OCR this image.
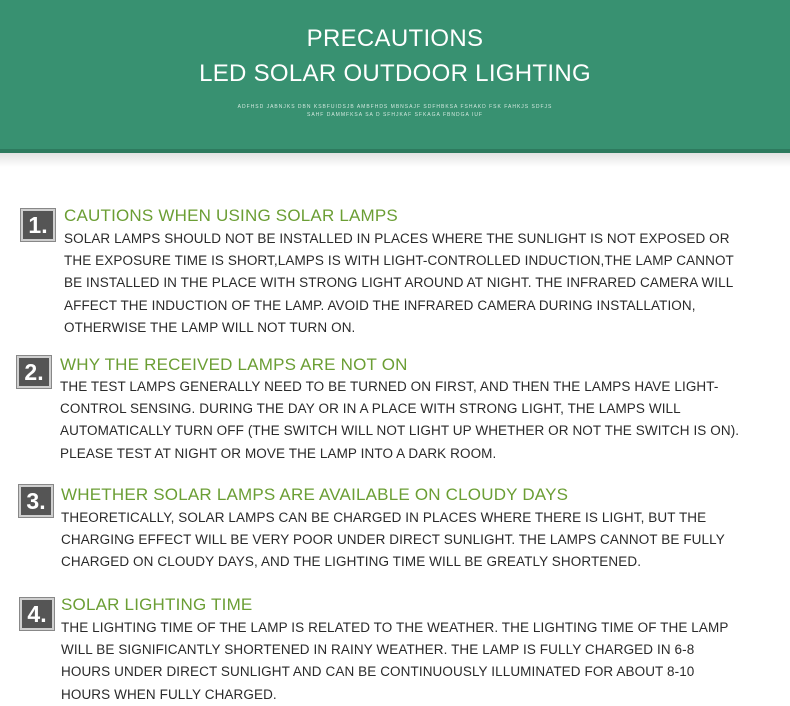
PRECAUTIONS
LED SOLAR OUTDOOR LIGHTING
ADFHSD JABNJKS DBN KSBFUIDSJB AMBFHDS MBNSAJF SDFHBKSA FSHAKD FSK FAHKJS SDFJS
SAHF DAMMFKSA SA D SFHJKAF SFKAGA FBNDGA IUF
1. CAUTIONS WHEN USING SOLAR LAMPS
SOLAR LAMPS SHOULD NOT BE INSTALLED IN PLACES WHERE THE SUNLIGHT IS NOT EXPOSED OR
THE EXPOSURE TIME IS SHORT,LAMPS IS WITH LIGHT-CONTROLLED INDUCTION,THE LAMP CANNOT
BE INSTALLED IN THE PLACE WITH STRONG LIGHT AROUND AT NIGHT. THE INFRARED CAMERA WILL
AFFECT THE INDUCTION OF THE LAMP. AVOID THE INFRARED CAMERA DURING INSTALLATION,
OTHERWISE THE LAMP WILL NOT TURN ON.
2. WHY THE RECEIVED LAMPS ARE NOT ON
THE TEST LAMPS GENERALLY NEED TO BE TURNED ON FIRST, AND THEN THE LAMPS HAVE LIGHT-
CONTROL SENSING. DURING THE DAY OR IN A PLACE WITH STRONG LIGHT, THE LAMPS WILL
AUTOMATICALLY TURN OFF (THE SWITCH WILL NOT LIGHT UP WHETHER OR NOT THE SWITCH IS ON).
PLEASE TEST AT NIGHT OR MOVE THE LAMP INTO A DARK ROOM.
3. WHETHER SOLAR LAMPS ARE AVAILABLE ON CLOUDY DAYS
THEORETICALLY, SOLAR LAMPS CAN BE CHARGED IN PLACES WHERE THERE IS LIGHT, BUT THE
CHARGING EFFECT WILL BE VERY POOR UNDER DIRECT SUNLIGHT. THE LAMPS CANNOT BE FULLY
CHARGED ON CLOUDY DAYS, AND THE LIGHTING TIME WILL BE GREATLY SHORTENED.
4. SOLAR LIGHTING TIME
THE LIGHTING TIME OF THE LAMP IS RELATED TO THE WEATHER. THE LIGHTING TIME OF THE LAMP
WILL BE SIGNIFICANTLY SHORTENED IN RAINY WEATHER. THE LAMP IS FULLY CHARGED IN 6-8
HOURS UNDER DIRECT SUNLIGHT AND CAN BE CONTINUOUSLY ILLUMINATED FOR ABOUT 8-10
HOURS WHEN FULLY CHARGED.
